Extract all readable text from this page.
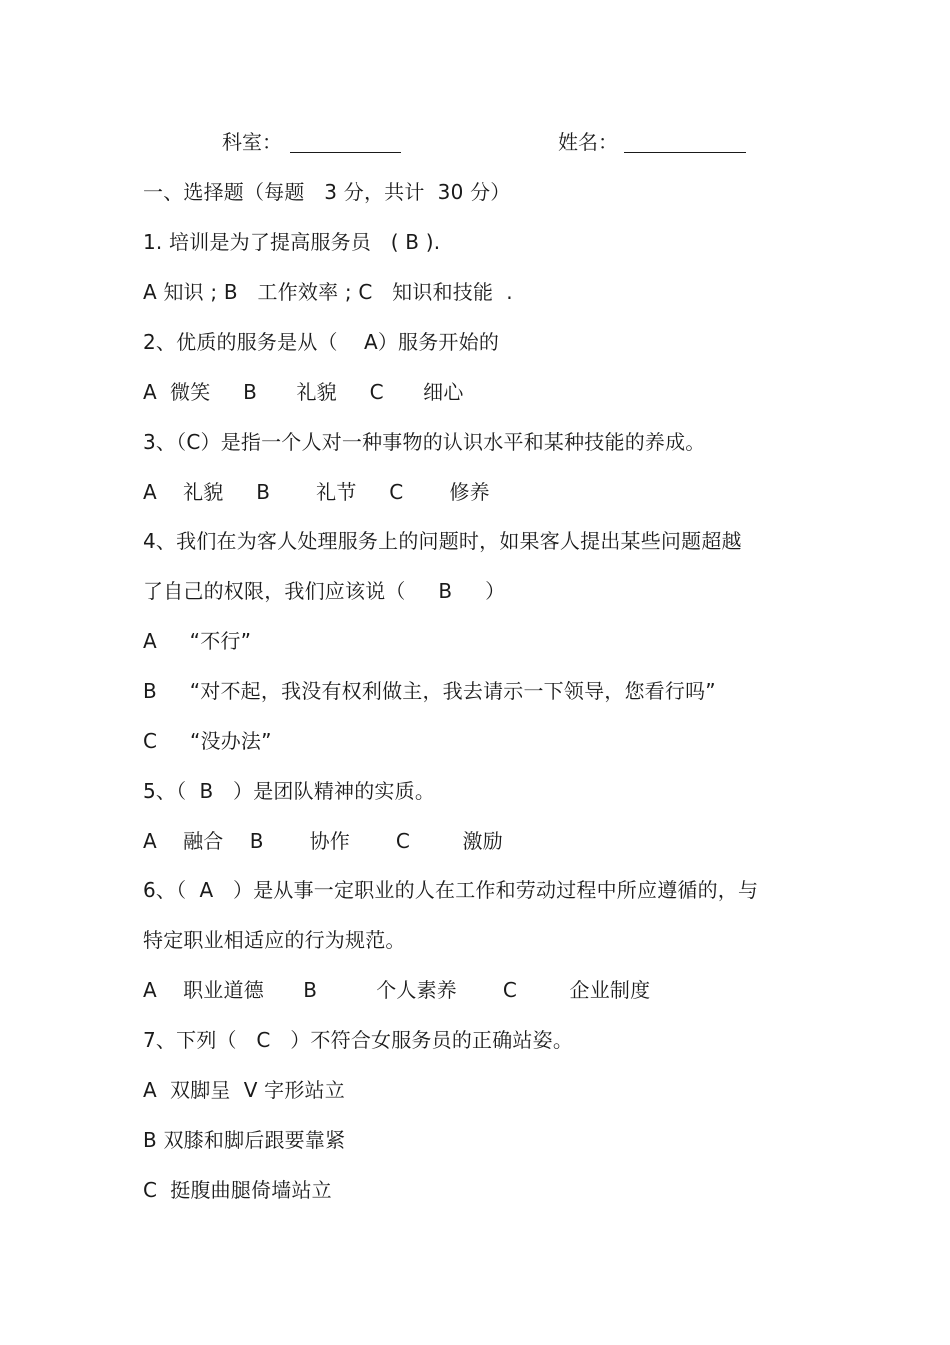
科室：	姓名：
一、选择题（每题   3 分，共计  30 分）
1. 培训是为了提高服务员   ( B ).
A 知识 ; B   工作效率 ; C   知识和技能  .
2、优质的服务是从（    A）服务开始的
A  微笑     B      礼貌     C      细心
3、（C）是指一个人对一种事物的认识水平和某种技能的养成。
A    礼貌     B       礼节     C       修养
4、我们在为客人处理服务上的问题时，如果客人提出某些问题超越
了自己的权限，我们应该说（     B     ）
A     “不行”
B     “对不起，我没有权利做主，我去请示一下领导，您看行吗”
C     “没办法”
5、（  B   ）是团队精神的实质。
A    融合    B       协作       C        激励
6、（  A   ）是从事一定职业的人在工作和劳动过程中所应遵循的，与
特定职业相适应的行为规范。
A    职业道德      B         个人素养       C        企业制度
7、下列（   C   ）不符合女服务员的正确站姿。
A  双脚呈  V 字形站立
B 双膝和脚后跟要靠紧
C  挺腹曲腿倚墙站立
